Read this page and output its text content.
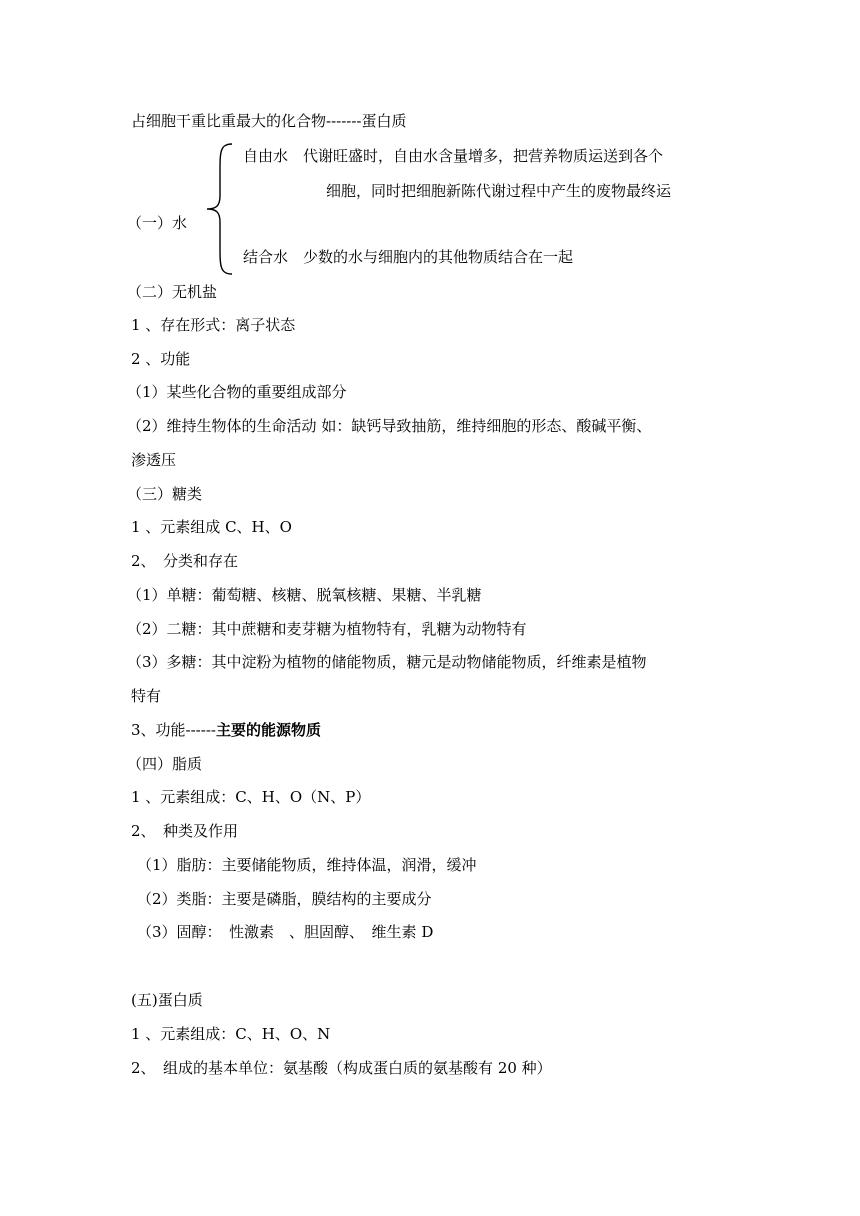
占细胞干重比重最大的化合物-------蛋白质
自由水　代谢旺盛时，自由水含量增多，把营养物质运送到各个
细胞，同时把细胞新陈代谢过程中产生的废物最终运
（一）水
结合水　少数的水与细胞内的其他物质结合在一起
（二）无机盐
1 、存在形式：离子状态
2 、功能
（1）某些化合物的重要组成部分
（2）维持生物体的生命活动 如：缺钙导致抽筋，维持细胞的形态、酸碱平衡、
渗透压
（三）糖类
1 、元素组成 C、H、O
2、　分类和存在
（1）单糖：葡萄糖、核糖、脱氧核糖、果糖、半乳糖
（2）二糖：其中蔗糖和麦芽糖为植物特有，乳糖为动物特有
（3）多糖：其中淀粉为植物的储能物质，糖元是动物储能物质，纤维素是植物
特有
3、功能------主要的能源物质
（四）脂质
1 、元素组成：C、H、O（N、P）
2、　种类及作用
（1）脂肪：主要储能物质，维持体温，润滑，缓冲
（2）类脂：主要是磷脂，膜结构的主要成分
（3）固醇：　性激素　、胆固醇、　维生素 D
(五)蛋白质
1 、元素组成：C、H、O、N
2、　组成的基本单位：氨基酸（构成蛋白质的氨基酸有 20 种）
